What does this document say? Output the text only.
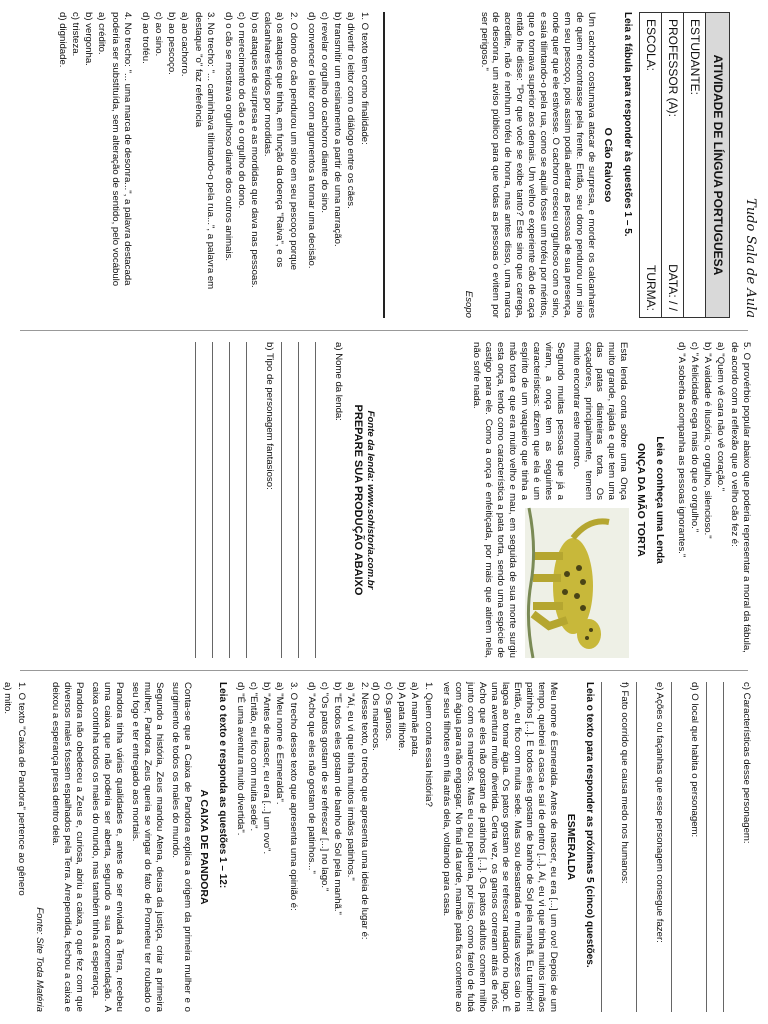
Tudo Sala de Aula
ATIVIDADE DE LÍNGUA PORTUGUESA
ESTUDANTE:
PROFESSOR (A):
DATA: / /
ESCOLA:
TURMA:
Leia a fábula para responder às questões 1 – 5.
O Cão Raivoso

Um cachorro costumava atacar de surpresa, e morder os calcanhares de quem encontrasse pela frente. Então, seu dono pendurou um sino em seu pescoço, pois assim podia alertar as pessoas de sua presença, onde quer que ele estivesse. O cachorro cresceu orgulhoso com o sino, e saía tilintando-o pela rua, como se aquilo fosse um troféu por méritos, que o tornava superior aos demais. Um velho e experiente cão de caça então lhe disse: "Por que você se exibe tanto? Este sino que carrega, acredite, não é nenhum troféu de honra, mas antes disso, uma marca de desonra, um aviso público para que todas as pessoas o evitem por ser perigoso."

Esopo
1. O texto tem como finalidade:
a) divertir o leitor com o diálogo entre os cães.
b) transmitir um ensinamento a partir de uma narração.
c) revelar o orgulho do cachorro diante do sino.
d) convencer o leitor com argumentos a tornar uma decisão.
2. O dono do cão pendurou um sino em seu pescoço porque
a) os ataques que tinha, em função da doença "Raiva", e os calcanhares feridos por mordidas.
b) os ataques de surpresa e as mordidas que dava nas pessoas.
c) o merecimento do cão e o orgulho do dono.
d) o cão se mostrava orgulhoso diante dos outros animais.
3. No trecho: "... caminhava tilintando-o pela rua...", a palavra em destaque "o" faz referência
a) ao cachorro.
b) ao pescoço.
c) ao sino.
d) ao troféu.
4. No trecho: "... uma marca de desonra...", a palavra destacada poderia ser substituída, sem alteração de sentido, pelo vocábulo
a) crédito.
b) vergonha.
c) tristeza.
d) dignidade.
5. O provérbio popular abaixo que poderia representar a moral da fábula, de acordo com a reflexão que o velho cão fez é:
a) "Quem vê cara não vê coração."
b) "A vaidade é ilusória; o orgulho, silencioso."
c) "A felicidade cega mais do que o orgulho."
d) "A soberba acompanha as pessoas ignorantes."
Leia e conheça uma Lenda
ONÇA DA MÃO TORTA

Esta lenda conta sobre uma Onça muito grande, rajada e que tem uma das patas dianteiras torta. Os caçadores, principalmente, temem muito encontrar este monstro.

Segundo muitas pessoas que já a viram, a onça tem as seguintes características: dizem que ela é um espírito de um vaqueiro que tinha a mão torta e que era muito velho e mau, em seguida de sua morte surgiu esta onça, tendo como característica a pata torta, sendo uma espécie de castigo para ele. Como a onça é enfeitiçada, por mais que atirem nela, não sofre nada.

Fonte da lenda: www.sohistoria.com.br
PREPARE SUA PRODUÇÃO ABAIXO
a) Nome da lenda:
b) Tipo de personagem fantasioso:
c) Características desse personagem:
d) O local que habita o personagem:
e) Ações ou façanhas que esse personagem consegue fazer:
f) Fato ocorrido que causa medo nos humanos:
Leia o texto para responder as próximas 5 (cinco) questões.
ESMERALDA

Meu nome é Esmeralda. Antes de nascer, eu era [...] um ovo! Depois de um tempo, quebrei a casca e saí de dentro [...]. Aí, eu vi que tinha muitos irmãos patinhos [...]. E todos eles gostam de banho de Sol pela manhã. Eu também! Então, eu fico com muita sede. Mas sou desastrada e muitas vezes caio na lagoa ao tomar água. Os patos gostam de se refrescar nadando no lago. É uma aventura muito divertida. Certa vez, os gansos correram atrás de nós. Acho que eles não gostam de patinhos [...]. Os patos adultos comem milho junto com os marrecos. Mas eu sou pequena, por isso, como farelo de fubá com água para não engasgar. No final da tarde, mamãe pata fica contente ao ver seus filhotes em fila atrás dela, voltando para casa.

1. Quem conta essa história?
a) A mamãe pata.
b) A pata filhote.
c) Os gansos.
d) Os marrecos.
2. Nesse texto, o trecho que apresenta uma ideia de lugar é:
a) "Aí, eu vi que tinha muitos irmãos patinhos."
b) "E todos eles gostam de banho de Sol pela manhã."
c) "Os patos gostam de se refrescar [...] no lago."
d) "Acho que eles não gostam de patinhos..."
3. O trecho desse texto que apresenta uma opinião é:
a) "Meu nome é Esmeralda".
b) "Antes de nascer, eu era [...] um ovo".
c) "Então, eu fico com muita sede".
d) "É uma aventura muito divertida".
Leia o texto e responda as questões 1 – 12:
A CAIXA DE PANDORA

Conta-se que a Caixa de Pandora explica a origem da primeira mulher e o surgimento de todos os males do mundo.

Segundo a história, Zeus mandou Atena, deusa da justiça, criar a primeira mulher, Pandora. Zeus queria se vingar do fato de Prometeu ter roubado o seu fogo e ter entregado aos mortais.

Pandora tinha várias qualidades e, antes de ser enviada à Terra, recebeu uma caixa que não poderia ser aberta, segundo a sua recomendação. A caixa continha todos os males do mundo, mas também tinha a esperança.

Pandora não obedeceu a Zeus e, curiosa, abriu a caixa, o que fez com que diversos males fossem espalhados pela Terra. Arrependida, fechou a caixa e deixou a esperança presa dentro dela.

Fonte: Site Toda Matéria
1. O texto "Caixa de Pandora" pertence ao gênero
a) mito.
